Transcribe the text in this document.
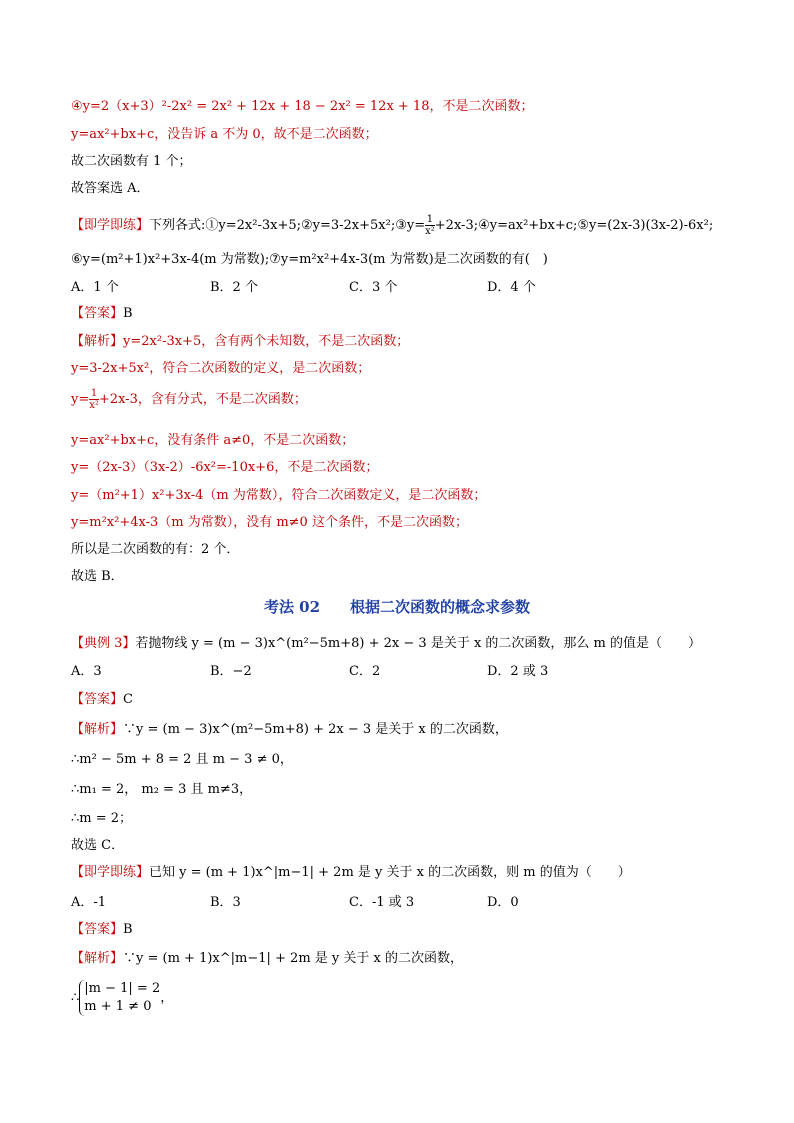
④y=2（x+3）²-2x² = 2x² + 12x + 18 − 2x² = 12x + 18，不是二次函数；
y=ax²+bx+c，没告诉 a 不为 0，故不是二次函数；
故二次函数有 1 个；
故答案选 A．
【即学即练】下列各式:①y=2x²-3x+5;②y=3-2x+5x²;③y= $\frac{1}{\text{x²}}$ +2x-3;④y=ax²+bx+c;⑤y=(2x-3)(3x-2)-6x²;
⑥y=(m²+1)x²+3x-4(m 为常数);⑦y=m²x²+4x-3(m 为常数)是二次函数的有(　)
A．1 个	B．2 个	C．3 个	D．4 个
【答案】B
【解析】y=2x²-3x+5，含有两个未知数，不是二次函数；
y=3-2x+5x²，符合二次函数的定义，是二次函数；
$y= \frac{1}{\text{x²}} +2x-3$，含有分式，不是二次函数；
y=ax²+bx+c，没有条件 a≠0，不是二次函数；
y=（2x-3）（3x-2）-6x²=-10x+6，不是二次函数；
y=（m²+1）x²+3x-4（m 为常数），符合二次函数定义，是二次函数；
y=m²x²+4x-3（m 为常数），没有 m≠0 这个条件，不是二次函数；
所以是二次函数的有：2 个．
故选 B．
考法 02　　根据二次函数的概念求参数
【典例 3】若抛物线 y = (m − 3)x^(m²−5m+8) + 2x − 3 是关于 x 的二次函数，那么 m 的值是（　　）
A．3	B．−2	C．2	D．2 或 3
【答案】C
【解析】∵y = (m − 3)x^(m²−5m+8) + 2x − 3 是关于 x 的二次函数，
∴m² − 5m + 8 = 2 且 m − 3 ≠ 0，
∴m₁ = 2， m₂ = 3 且 m≠3，
∴m = 2；
故选 C．
【即学即练】已知 y = (m + 1)x^|m−1| + 2m 是 y 关于 x 的二次函数，则 m 的值为（　　）
A．-1	B．3	C．-1 或 3	D．0
【答案】B
【解析】∵y = (m + 1)x^|m−1| + 2m 是 y 关于 x 的二次函数，
∴
|m − 1| = 2
m + 1 ≠ 0
，
